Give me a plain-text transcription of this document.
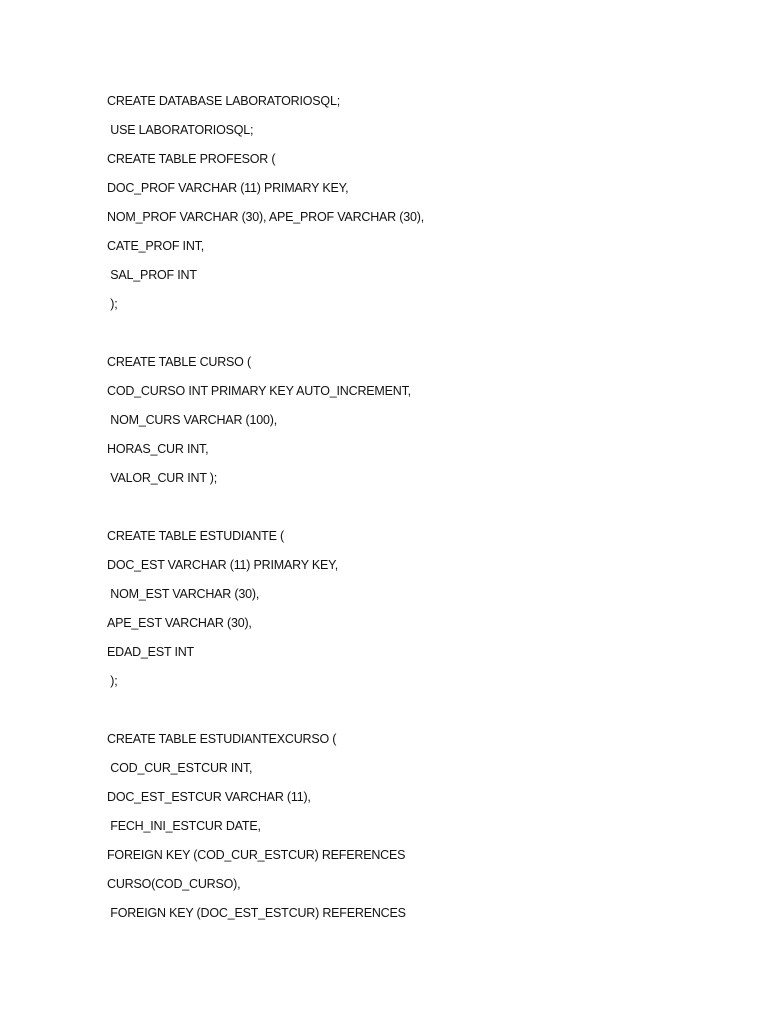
CREATE DATABASE LABORATORIOSQL;
USE LABORATORIOSQL;
CREATE TABLE PROFESOR (
DOC_PROF VARCHAR (11) PRIMARY KEY,
NOM_PROF VARCHAR (30), APE_PROF VARCHAR (30),
CATE_PROF INT,
SAL_PROF INT
);
CREATE TABLE CURSO (
COD_CURSO INT PRIMARY KEY AUTO_INCREMENT,
NOM_CURS VARCHAR (100),
HORAS_CUR INT,
VALOR_CUR INT );
CREATE TABLE ESTUDIANTE (
DOC_EST VARCHAR (11) PRIMARY KEY,
NOM_EST VARCHAR (30),
APE_EST VARCHAR (30),
EDAD_EST INT
);
CREATE TABLE ESTUDIANTEXCURSO (
COD_CUR_ESTCUR INT,
DOC_EST_ESTCUR VARCHAR (11),
FECH_INI_ESTCUR DATE,
FOREIGN KEY (COD_CUR_ESTCUR) REFERENCES
CURSO(COD_CURSO),
FOREIGN KEY (DOC_EST_ESTCUR) REFERENCES
